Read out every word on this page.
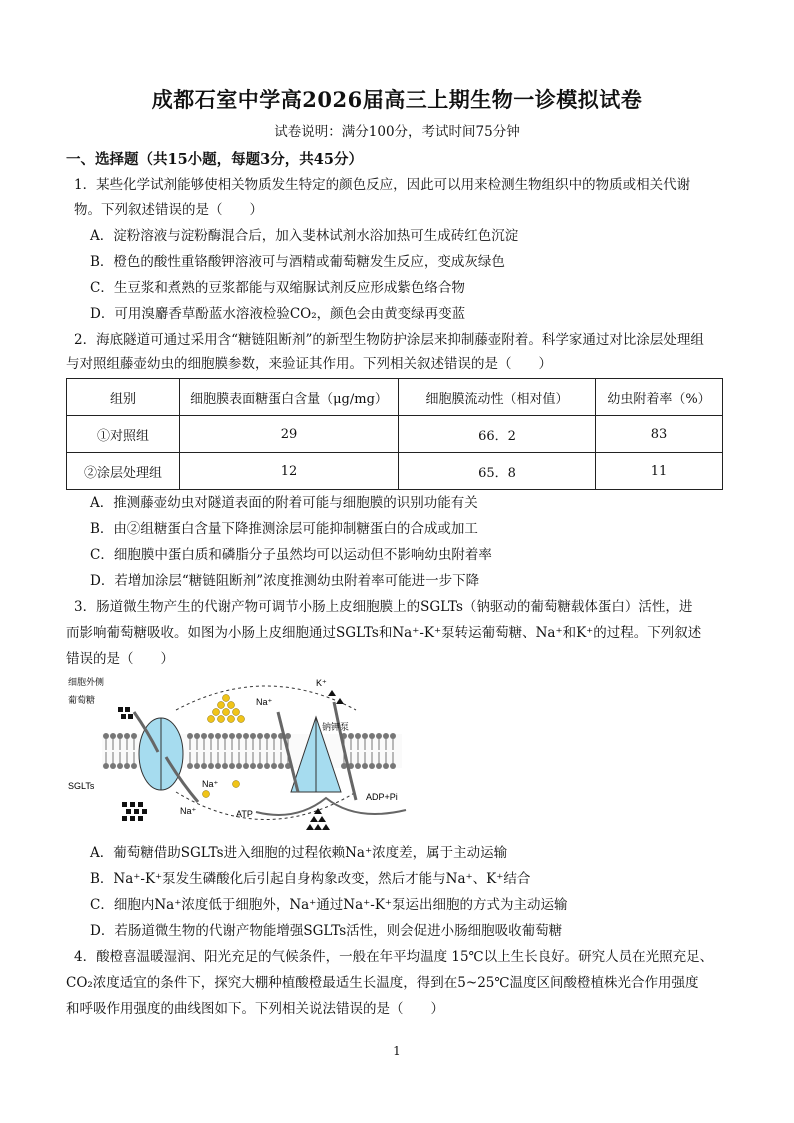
成都石室中学高2026届高三上期生物一诊模拟试卷
试卷说明：满分100分，考试时间75分钟
一、选择题（共15小题，每题3分，共45分）
1．某些化学试剂能够使相关物质发生特定的颜色反应，因此可以用来检测生物组织中的物质或相关代谢
物。下列叙述错误的是（　　）
A．淀粉溶液与淀粉酶混合后，加入斐林试剂水浴加热可生成砖红色沉淀
B．橙色的酸性重铬酸钾溶液可与酒精或葡萄糖发生反应，变成灰绿色
C．生豆浆和煮熟的豆浆都能与双缩脲试剂反应形成紫色络合物
D．可用溴麝香草酚蓝水溶液检验CO₂，颜色会由黄变绿再变蓝
2．海底隧道可通过采用含“糖链阻断剂”的新型生物防护涂层来抑制藤壶附着。科学家通过对比涂层处理组
与对照组藤壶幼虫的细胞膜参数，来验证其作用。下列相关叙述错误的是（　　）
组别	细胞膜表面糖蛋白含量（μg/mg）	细胞膜流动性（相对值）	幼虫附着率（%）
①对照组	29	66．2	83
②涂层处理组	12	65．8	11
A．推测藤壶幼虫对隧道表面的附着可能与细胞膜的识别功能有关
B．由②组糖蛋白含量下降推测涂层可能抑制糖蛋白的合成或加工
C．细胞膜中蛋白质和磷脂分子虽然均可以运动但不影响幼虫附着率
D．若增加涂层“糖链阻断剂”浓度推测幼虫附着率可能进一步下降
3．肠道微生物产生的代谢产物可调节小肠上皮细胞膜上的SGLTs（钠驱动的葡萄糖载体蛋白）活性，进
而影响葡萄糖吸收。如图为小肠上皮细胞通过SGLTs和Na⁺-K⁺泵转运葡萄糖、Na⁺和K⁺的过程。下列叙述
错误的是（　　）
细胞外侧
葡萄糖
SGLTs
Na⁺
K⁺
钠钾泵
Na⁺
Na⁺	ATP
ADP+Pi
A．葡萄糖借助SGLTs进入细胞的过程依赖Na⁺浓度差，属于主动运输
B．Na⁺-K⁺泵发生磷酸化后引起自身构象改变，然后才能与Na⁺、K⁺结合
C．细胞内Na⁺浓度低于细胞外，Na⁺通过Na⁺-K⁺泵运出细胞的方式为主动运输
D．若肠道微生物的代谢产物能增强SGLTs活性，则会促进小肠细胞吸收葡萄糖
4．酸橙喜温暖湿润、阳光充足的气候条件，一般在年平均温度 15℃以上生长良好。研究人员在光照充足、
CO₂浓度适宜的条件下，探究大棚种植酸橙最适生长温度，得到在5~25℃温度区间酸橙植株光合作用强度
和呼吸作用强度的曲线图如下。下列相关说法错误的是（　　）
1
